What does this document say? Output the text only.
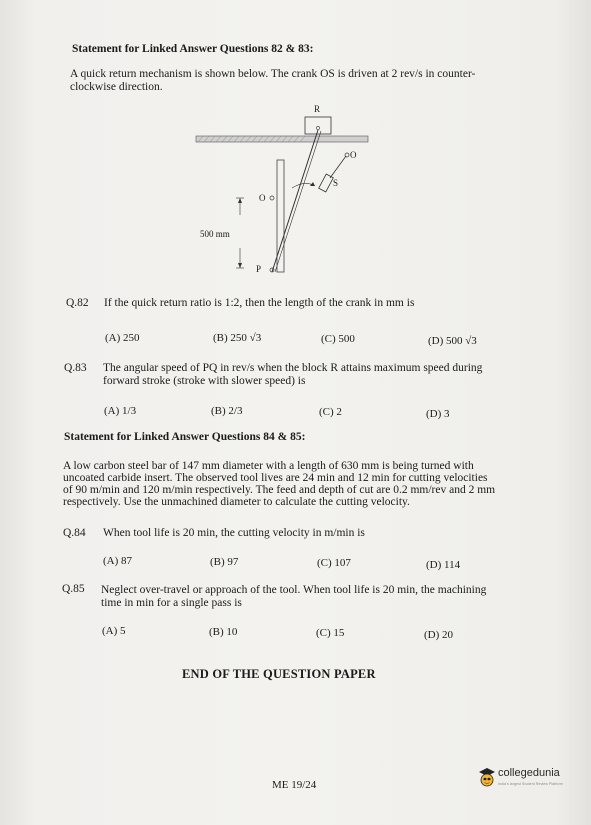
Statement for Linked Answer Questions 82 & 83:
A quick return mechanism is shown below. The crank OS is driven at 2 rev/s in counter-
clockwise direction.
R
O
S
O
500 mm
P
Q.82 If the quick return ratio is 1:2, then the length of the crank in mm is
(A) 250	(B) 250 √3	(C) 500	(D) 500 √3
Q.83 The angular speed of PQ in rev/s when the block R attains maximum speed during
forward stroke (stroke with slower speed) is
(A) 1/3	(B) 2/3	(C) 2	(D) 3
Statement for Linked Answer Questions 84 & 85:
A low carbon steel bar of 147 mm diameter with a length of 630 mm is being turned with
uncoated carbide insert. The observed tool lives are 24 min and 12 min for cutting velocities
of 90 m/min and 120 m/min respectively. The feed and depth of cut are 0.2 mm/rev and 2 mm
respectively. Use the unmachined diameter to calculate the cutting velocity.
Q.84 When tool life is 20 min, the cutting velocity in m/min is
(A) 87	(B) 97	(C) 107	(D) 114
Q.85 Neglect over-travel or approach of the tool. When tool life is 20 min, the machining
time in min for a single pass is
(A) 5	(B) 10	(C) 15	(D) 20
END OF THE QUESTION PAPER
ME 19/24
collegedunia
India's largest Student Review Platform
